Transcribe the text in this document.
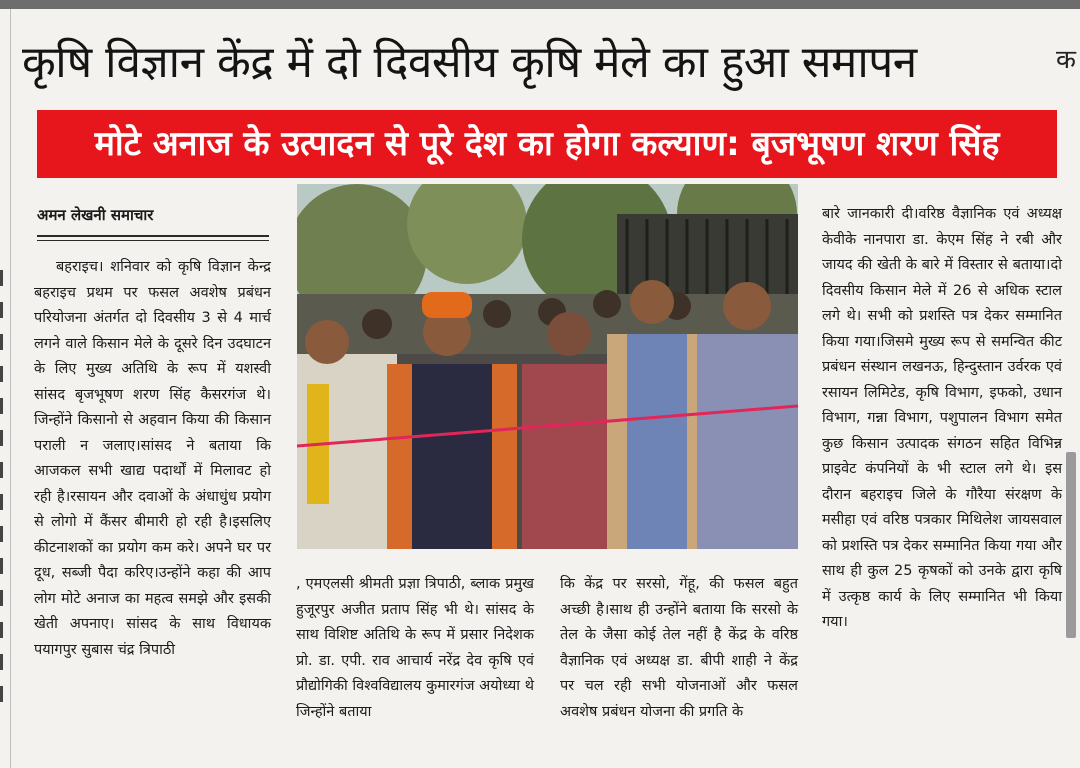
कृषि विज्ञान केंद्र में दो दिवसीय कृषि मेले का हुआ समापन	क
मोटे अनाज के उत्पादन से पूरे देश का होगा कल्याण: बृजभूषण शरण सिंह
अमन लेखनी समाचार

बहराइच। शनिवार को कृषि विज्ञान केन्द्र बहराइच प्रथम पर फसल अवशेष प्रबंधन परियोजना अंतर्गत दो दिवसीय 3 से 4 मार्च लगने वाले किसान मेले के दूसरे दिन उदघाटन के लिए मुख्य अतिथि के रूप में यशस्वी सांसद बृजभूषण शरण सिंह कैसरगंज थे। जिन्होंने किसानो से अहवान किया की किसान पराली न जलाए।सांसद ने बताया कि आजकल सभी खाद्य पदार्थों में मिलावट हो रही है।रसायन और दवाओं के अंधाधुंध प्रयोग से लोगो में कैंसर बीमारी हो रही है।इसलिए कीटनाशकों का प्रयोग कम करे। अपने घर पर दूध, सब्जी पैदा करिए।उन्होंने कहा की आप लोग मोटे अनाज का महत्व समझे और इसकी खेती अपनाए। सांसद के साथ विधायक पयागपुर सुबास चंद्र त्रिपाठी

, एमएलसी श्रीमती प्रज्ञा त्रिपाठी, ब्लाक प्रमुख हुजूरपुर अजीत प्रताप सिंह भी थे। सांसद के साथ विशिष्ट अतिथि के रूप में प्रसार निदेशक प्रो. डा. एपी. राव आचार्य नरेंद्र देव कृषि एवं प्रौद्योगिकी विश्वविद्यालय कुमारगंज अयोध्या थे जिन्होंने बताया

कि केंद्र पर सरसो, गेंहू, की फसल बहुत अच्छी है।साथ ही उन्होंने बताया कि सरसो के तेल के जैसा कोई तेल नहीं है केंद्र के वरिष्ठ वैज्ञानिक एवं अध्यक्ष डा. बीपी शाही ने केंद्र पर चल रही सभी योजनाओं और फसल अवशेष प्रबंधन योजना की प्रगति के

बारे जानकारी दी।वरिष्ठ वैज्ञानिक एवं अध्यक्ष केवीके नानपारा डा. केएम सिंह ने रबी और जायद की खेती के बारे में विस्तार से बताया।दो दिवसीय किसान मेले में 26 से अधिक स्टाल लगे थे। सभी को प्रशस्ति पत्र देकर सम्मानित किया गया।जिसमे मुख्य रूप से समन्वित कीट प्रबंधन संस्थान लखनऊ, हिन्दुस्तान उर्वरक एवं रसायन लिमिटेड, कृषि विभाग, इफको, उधान विभाग, गन्ना विभाग, पशुपालन विभाग समेत कुछ किसान उत्पादक संगठन सहित विभिन्न प्राइवेट कंपनियों के भी स्टाल लगे थे। इस दौरान बहराइच जिले के गौरैया संरक्षण के मसीहा एवं वरिष्ठ पत्रकार मिथिलेश जायसवाल को प्रशस्ति पत्र देकर सम्मानित किया गया और साथ ही कुल 25 कृषकों को उनके द्वारा कृषि में उत्कृष्ठ कार्य के लिए सम्मानित भी किया गया।
